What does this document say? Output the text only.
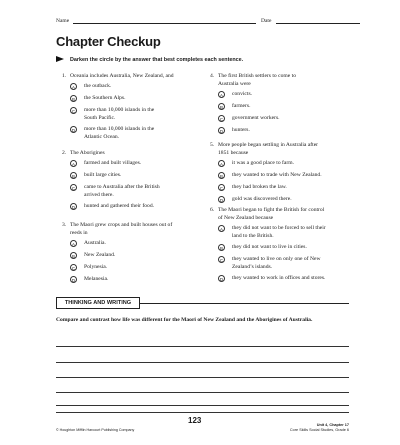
Name	Date
Chapter Checkup
Darken the circle by the answer that best completes each sentence.
1. Oceania includes Australia, New Zealand, and
A	the outback.
B	the Southern Alps.
C	more than 10,000 islands in the
South Pacific.
D	more than 10,000 islands in the
Atlantic Ocean.
2. The Aborigines
A	farmed and built villages.
B	built large cities.
C	came to Australia after the British
arrived there.
D	hunted and gathered their food.
3. The Maori grew crops and built houses out of
reeds in
A	Australia.
B	New Zealand.
C	Polynesia.
D	Melanesia.
4. The first British settlers to come to
Australia were
A	convicts.
B	farmers.
C	government workers.
D	hunters.
5. More people began settling in Australia after
1851 because
A	it was a good place to farm.
B	they wanted to trade with New Zealand.
C	they had broken the law.
D	gold was discovered there.
6. The Maori began to fight the British for control
of New Zealand because
A	they did not want to be forced to sell their
land to the British.
B	they did not want to live in cities.
C	they wanted to live on only one of New
Zealand’s islands.
D	they wanted to work in offices and stores.
THINKING AND WRITING
Compare and contrast how life was different for the Maori of New Zealand and the Aborigines of Australia.
123
© Houghton Mifflin Harcourt Publishing Company
Unit 4, Chapter 17
Core Skills Social Studies, Grade 6
